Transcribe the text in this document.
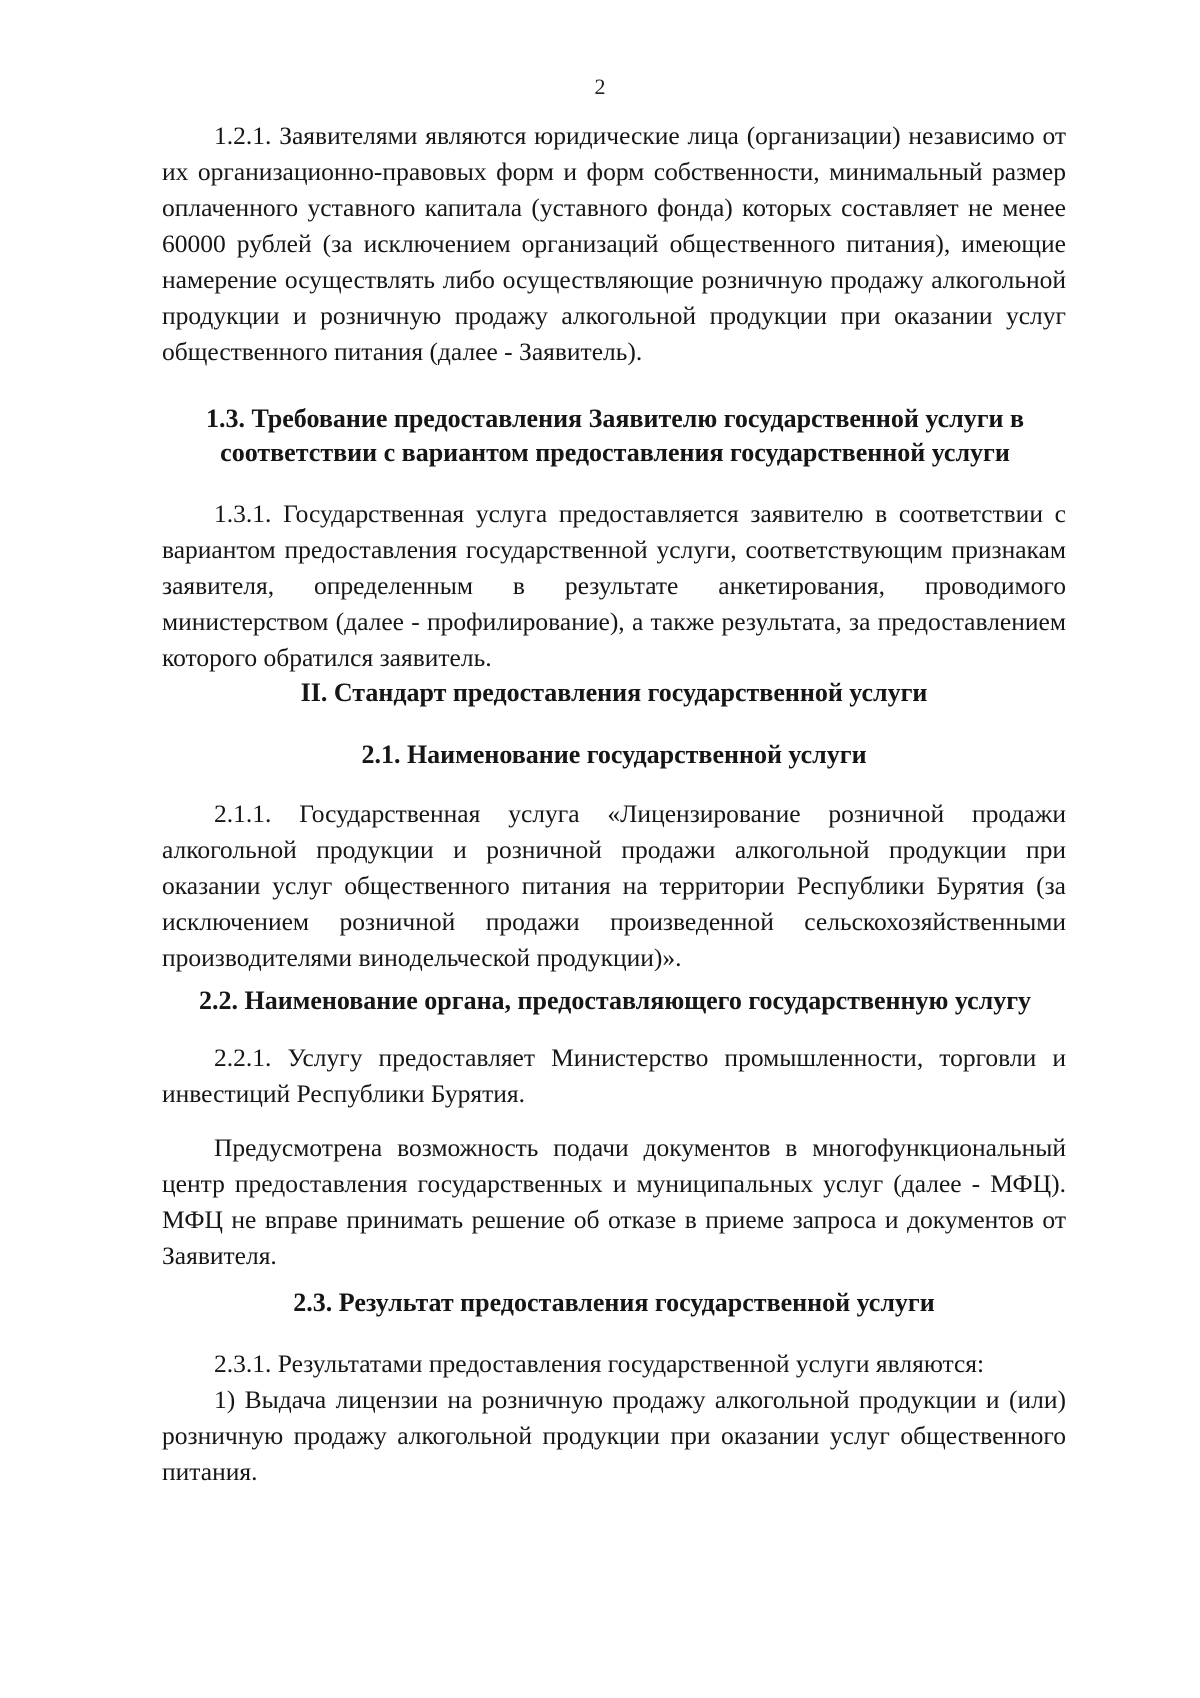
2

1.2.1. Заявителями являются юридические лица (организации) независимо от их организационно-правовых форм и форм собственности, минимальный размер оплаченного уставного капитала (уставного фонда) которых составляет не менее 60000 рублей (за исключением организаций общественного питания), имеющие намерение осуществлять либо осуществляющие розничную продажу алкогольной продукции и розничную продажу алкогольной продукции при оказании услуг общественного питания (далее - Заявитель).

1.3. Требование предоставления Заявителю государственной услуги в соответствии с вариантом предоставления государственной услуги

1.3.1. Государственная услуга предоставляется заявителю в соответствии с вариантом предоставления государственной услуги, соответствующим признакам заявителя, определенным в результате анкетирования, проводимого министерством (далее - профилирование), а также результата, за предоставлением которого обратился заявитель.

II. Стандарт предоставления государственной услуги

2.1. Наименование государственной услуги

2.1.1. Государственная услуга «Лицензирование розничной продажи алкогольной продукции и розничной продажи алкогольной продукции при оказании услуг общественного питания на территории Республики Бурятия (за исключением розничной продажи произведенной сельскохозяйственными производителями винодельческой продукции)».

2.2. Наименование органа, предоставляющего государственную услугу

2.2.1. Услугу предоставляет Министерство промышленности, торговли и инвестиций Республики Бурятия.

Предусмотрена возможность подачи документов в многофункциональный центр предоставления государственных и муниципальных услуг (далее - МФЦ). МФЦ не вправе принимать решение об отказе в приеме запроса и документов от Заявителя.

2.3. Результат предоставления государственной услуги

2.3.1. Результатами предоставления государственной услуги являются:

1) Выдача лицензии на розничную продажу алкогольной продукции и (или) розничную продажу алкогольной продукции при оказании услуг общественного питания.
